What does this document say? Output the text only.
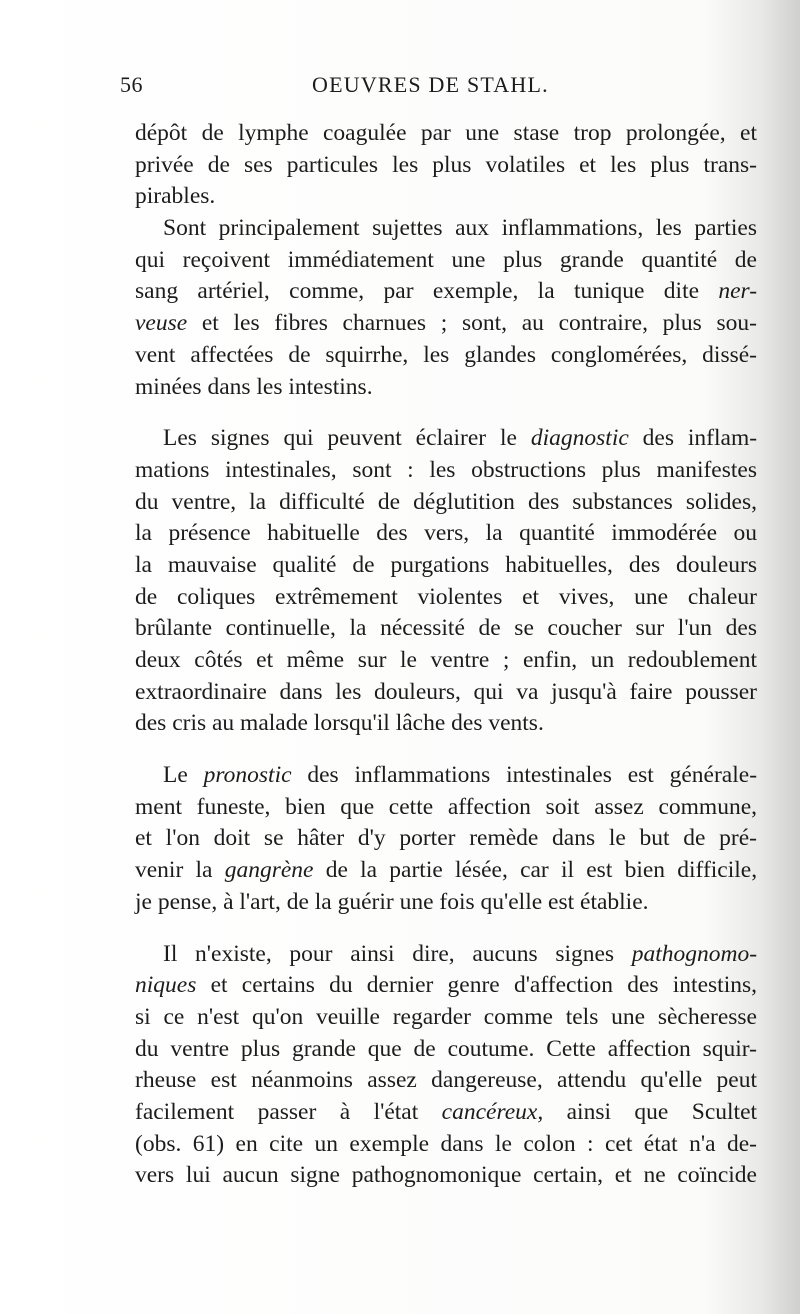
56	OEUVRES DE STAHL.
dépôt de lymphe coagulée par une stase trop prolongée, et
privée de ses particules les plus volatiles et les plus trans-
pirables.
Sont principalement sujettes aux inflammations, les parties
qui reçoivent immédiatement une plus grande quantité de
sang artériel, comme, par exemple, la tunique dite ner-
veuse et les fibres charnues ; sont, au contraire, plus sou-
vent affectées de squirrhe, les glandes conglomérées, dissé-
minées dans les intestins.
Les signes qui peuvent éclairer le diagnostic des inflam-
mations intestinales, sont : les obstructions plus manifestes
du ventre, la difficulté de déglutition des substances solides,
la présence habituelle des vers, la quantité immodérée ou
la mauvaise qualité de purgations habituelles, des douleurs
de coliques extrêmement violentes et vives, une chaleur
brûlante continuelle, la nécessité de se coucher sur l'un des
deux côtés et même sur le ventre ; enfin, un redoublement
extraordinaire dans les douleurs, qui va jusqu'à faire pousser
des cris au malade lorsqu'il lâche des vents.
Le pronostic des inflammations intestinales est générale-
ment funeste, bien que cette affection soit assez commune,
et l'on doit se hâter d'y porter remède dans le but de pré-
venir la gangrène de la partie lésée, car il est bien difficile,
je pense, à l'art, de la guérir une fois qu'elle est établie.
Il n'existe, pour ainsi dire, aucuns signes pathognomo-
niques et certains du dernier genre d'affection des intestins,
si ce n'est qu'on veuille regarder comme tels une sècheresse
du ventre plus grande que de coutume. Cette affection squir-
rheuse est néanmoins assez dangereuse, attendu qu'elle peut
facilement passer à l'état cancéreux, ainsi que Scultet
(obs. 61) en cite un exemple dans le colon : cet état n'a de-
vers lui aucun signe pathognomonique certain, et ne coïncide
